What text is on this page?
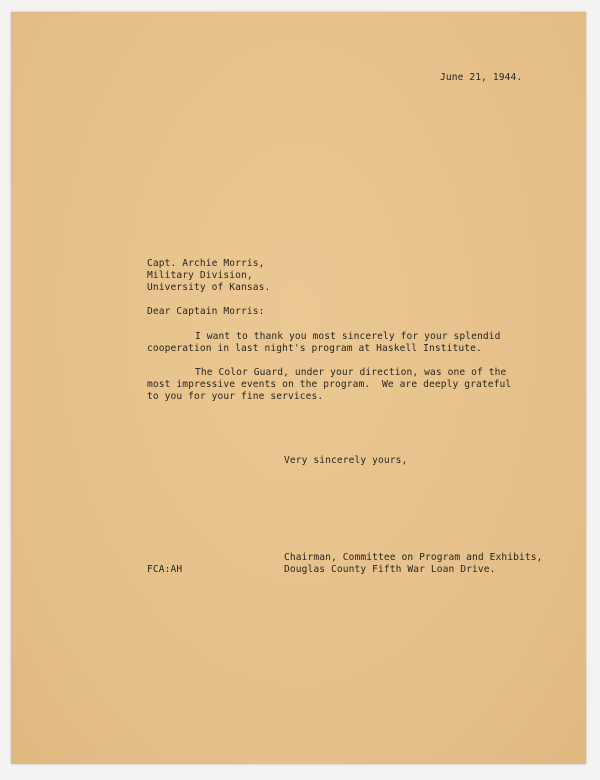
June 21, 1944.
Capt. Archie Morris,
Military Division,
University of Kansas.
Dear Captain Morris:
I want to thank you most sincerely for your splendid
cooperation in last night's program at Haskell Institute.
The Color Guard, under your direction, was one of the
most impressive events on the program.  We are deeply grateful
to you for your fine services.
Very sincerely yours,
Chairman, Committee on Program and Exhibits,
Douglas County Fifth War Loan Drive.
FCA:AH
